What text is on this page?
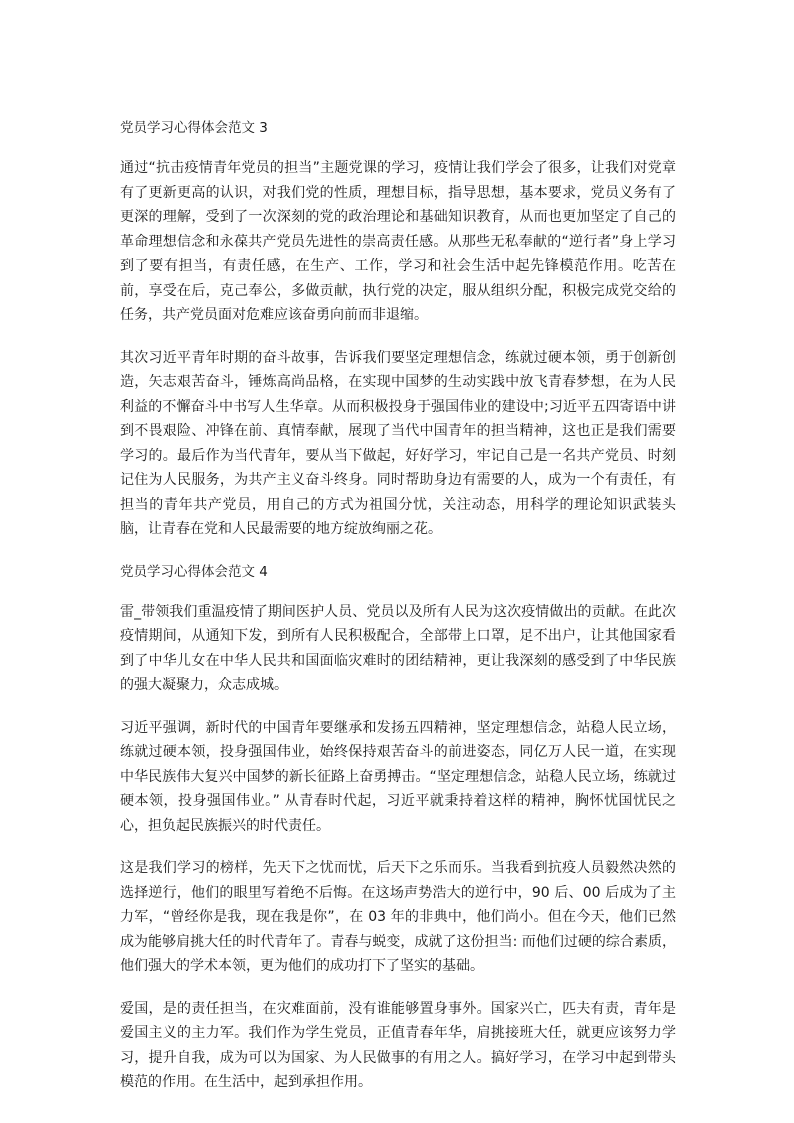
党员学习心得体会范文 3

通过“抗击疫情青年党员的担当”主题党课的学习，疫情让我们学会了很多，让我们对党章有了更新更高的认识，对我们党的性质，理想目标，指导思想，基本要求，党员义务有了更深的理解，受到了一次深刻的党的政治理论和基础知识教育，从而也更加坚定了自己的革命理想信念和永葆共产党员先进性的崇高责任感。从那些无私奉献的“逆行者”身上学习到了要有担当，有责任感，在生产、工作，学习和社会生活中起先锋模范作用。吃苦在前，享受在后，克己奉公，多做贡献，执行党的决定，服从组织分配，积极完成党交给的任务，共产党员面对危难应该奋勇向前而非退缩。

其次习近平青年时期的奋斗故事，告诉我们要坚定理想信念，练就过硬本领，勇于创新创造，矢志艰苦奋斗，锤炼高尚品格，在实现中国梦的生动实践中放飞青春梦想，在为人民利益的不懈奋斗中书写人生华章。从而积极投身于强国伟业的建设中;习近平五四寄语中讲到不畏艰险、冲锋在前、真情奉献，展现了当代中国青年的担当精神，这也正是我们需要学习的。最后作为当代青年，要从当下做起，好好学习，牢记自己是一名共产党员、时刻记住为人民服务，为共产主义奋斗终身。同时帮助身边有需要的人，成为一个有责任，有担当的青年共产党员，用自己的方式为祖国分忧，关注动态，用科学的理论知识武装头脑，让青春在党和人民最需要的地方绽放绚丽之花。

党员学习心得体会范文 4

雷_带领我们重温疫情了期间医护人员、党员以及所有人民为这次疫情做出的贡献。在此次疫情期间，从通知下发，到所有人民积极配合，全部带上口罩，足不出户，让其他国家看到了中华儿女在中华人民共和国面临灾难时的团结精神，更让我深刻的感受到了中华民族的强大凝聚力，众志成城。

习近平强调，新时代的中国青年要继承和发扬五四精神，坚定理想信念，站稳人民立场，练就过硬本领，投身强国伟业，始终保持艰苦奋斗的前进姿态，同亿万人民一道，在实现中华民族伟大复兴中国梦的新长征路上奋勇搏击。“坚定理想信念，站稳人民立场，练就过硬本领，投身强国伟业。” 从青春时代起，习近平就秉持着这样的精神，胸怀忧国忧民之心，担负起民族振兴的时代责任。

这是我们学习的榜样，先天下之忧而忧，后天下之乐而乐。当我看到抗疫人员毅然决然的选择逆行，他们的眼里写着绝不后悔。在这场声势浩大的逆行中，90 后、00 后成为了主力军，“曾经你是我，现在我是你”，在 03 年的非典中，他们尚小。但在今天，他们已然成为能够肩挑大任的时代青年了。青春与蜕变，成就了这份担当: 而他们过硬的综合素质，他们强大的学术本领，更为他们的成功打下了坚实的基础。

爱国，是的责任担当，在灾难面前，没有谁能够置身事外。国家兴亡，匹夫有责，青年是爱国主义的主力军。我们作为学生党员，正值青春年华，肩挑接班大任，就更应该努力学习，提升自我，成为可以为国家、为人民做事的有用之人。搞好学习，在学习中起到带头模范的作用。在生活中，起到承担作用。
